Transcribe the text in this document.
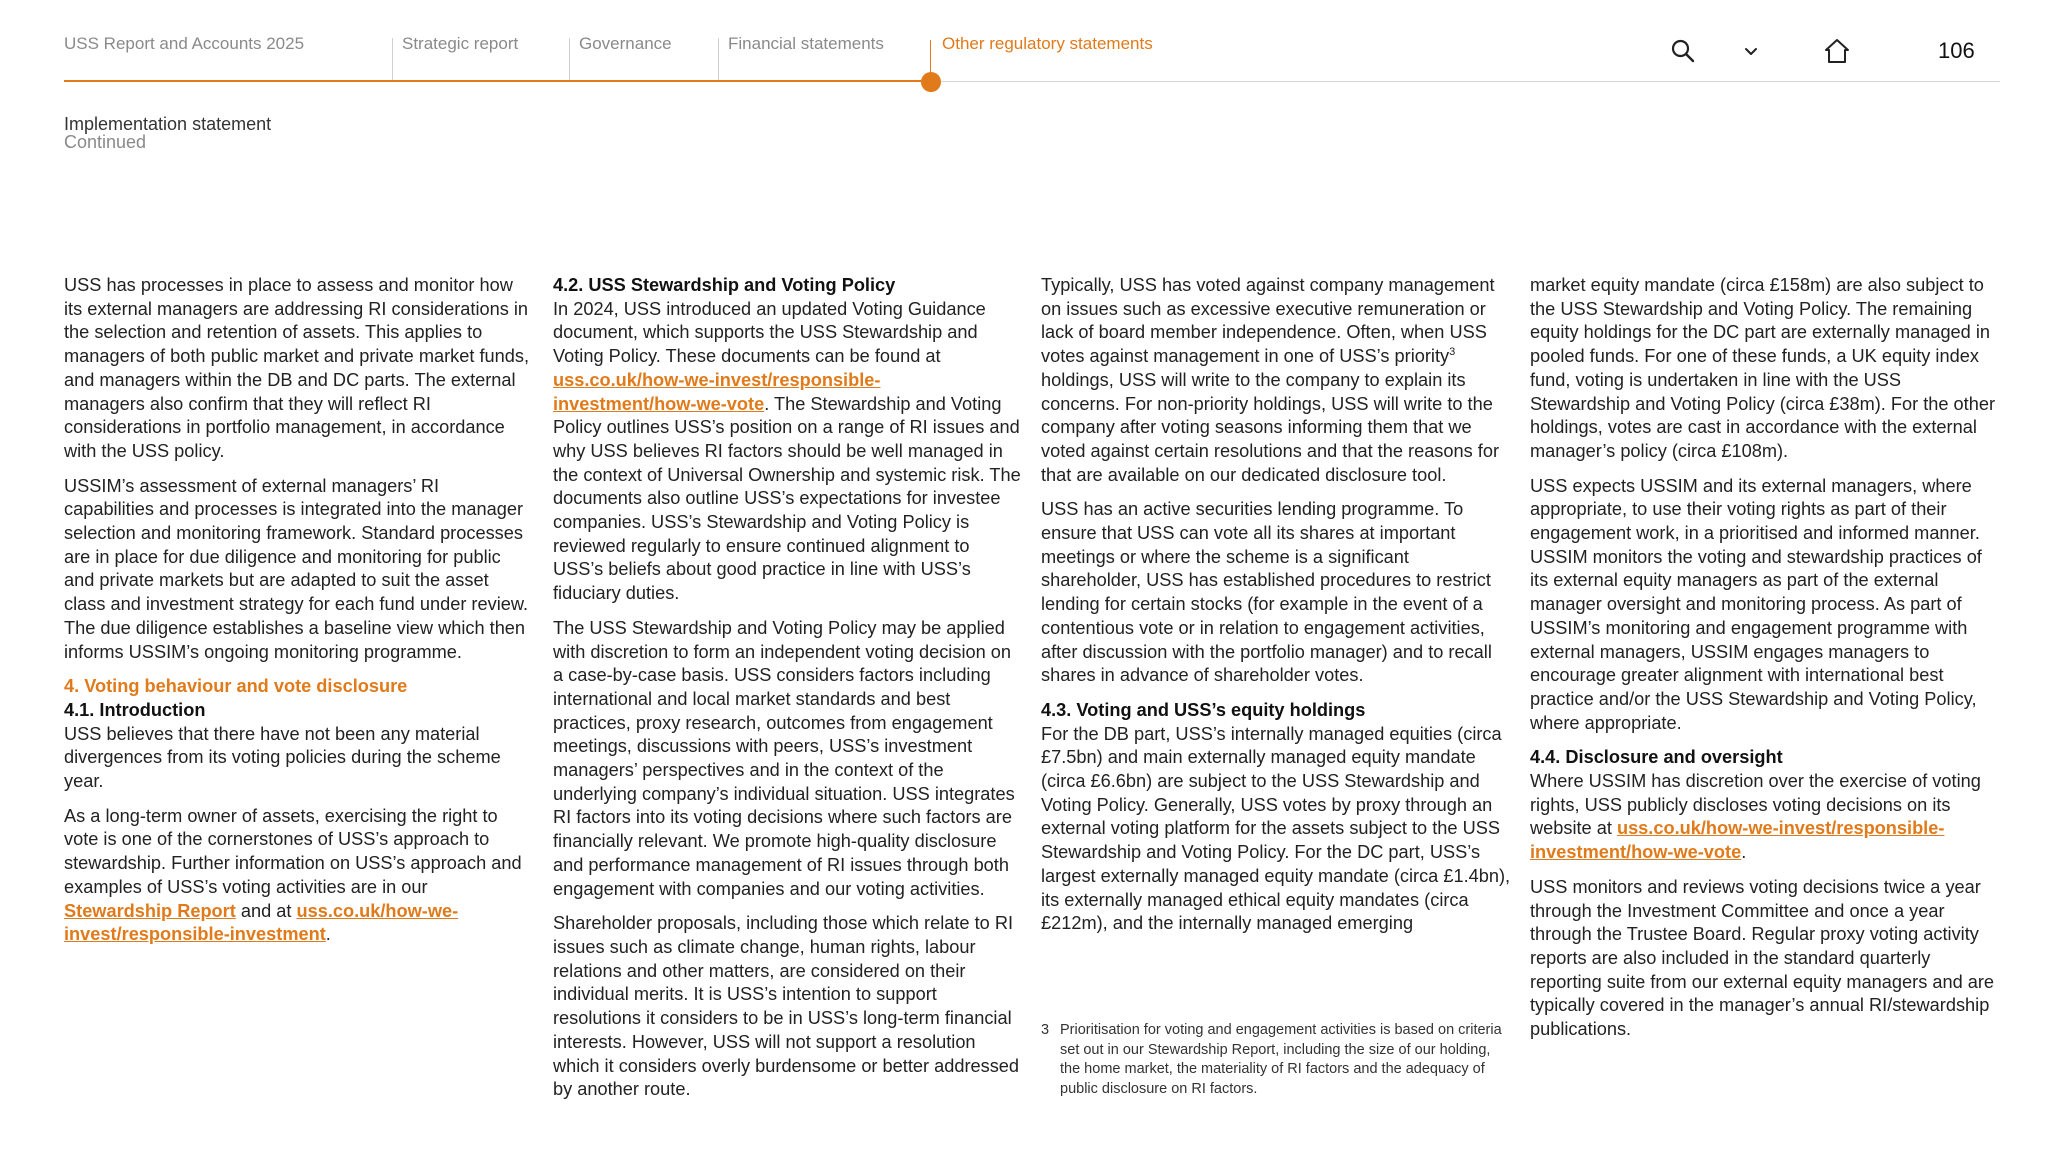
USS Report and Accounts 2025	Strategic report	Governance	Financial statements	Other regulatory statements	106
Implementation statement
Continued

USS has processes in place to assess and monitor how its external managers are addressing RI considerations in the selection and retention of assets. This applies to managers of both public market and private market funds, and managers within the DB and DC parts. The external managers also confirm that they will reflect RI considerations in portfolio management, in accordance with the USS policy.

USSIM’s assessment of external managers’ RI capabilities and processes is integrated into the manager selection and monitoring framework. Standard processes are in place for due diligence and monitoring for public and private markets but are adapted to suit the asset class and investment strategy for each fund under review. The due diligence establishes a baseline view which then informs USSIM’s ongoing monitoring programme.

4. Voting behaviour and vote disclosure
4.1. Introduction

USS believes that there have not been any material divergences from its voting policies during the scheme year.

As a long-term owner of assets, exercising the right to vote is one of the cornerstones of USS’s approach to stewardship. Further information on USS’s approach and examples of USS’s voting activities are in our Stewardship Report and at uss.co.uk/how-we-invest/responsible-investment.

4.2. USS Stewardship and Voting Policy

In 2024, USS introduced an updated Voting Guidance document, which supports the USS Stewardship and Voting Policy. These documents can be found at uss.co.uk/how-we-invest/responsible-investment/how-we-vote. The Stewardship and Voting Policy outlines USS’s position on a range of RI issues and why USS believes RI factors should be well managed in the context of Universal Ownership and systemic risk. The documents also outline USS’s expectations for investee companies. USS’s Stewardship and Voting Policy is reviewed regularly to ensure continued alignment to USS’s beliefs about good practice in line with USS’s fiduciary duties.

The USS Stewardship and Voting Policy may be applied with discretion to form an independent voting decision on a case-by-case basis. USS considers factors including international and local market standards and best practices, proxy research, outcomes from engagement meetings, discussions with peers, USS’s investment managers’ perspectives and in the context of the underlying company’s individual situation. USS integrates RI factors into its voting decisions where such factors are financially relevant. We promote high-quality disclosure and performance management of RI issues through both engagement with companies and our voting activities.

Shareholder proposals, including those which relate to RI issues such as climate change, human rights, labour relations and other matters, are considered on their individual merits. It is USS’s intention to support resolutions it considers to be in USS’s long-term financial interests. However, USS will not support a resolution which it considers overly burdensome or better addressed by another route.

Typically, USS has voted against company management on issues such as excessive executive remuneration or lack of board member independence. Often, when USS votes against management in one of USS’s priority$^3$ holdings, USS will write to the company to explain its concerns. For non-priority holdings, USS will write to the company after voting seasons informing them that we voted against certain resolutions and that the reasons for that are available on our dedicated disclosure tool.

USS has an active securities lending programme. To ensure that USS can vote all its shares at important meetings or where the scheme is a significant shareholder, USS has established procedures to restrict lending for certain stocks (for example in the event of a contentious vote or in relation to engagement activities, after discussion with the portfolio manager) and to recall shares in advance of shareholder votes.

4.3. Voting and USS’s equity holdings

For the DB part, USS’s internally managed equities (circa £7.5bn) and main externally managed equity mandate (circa £6.6bn) are subject to the USS Stewardship and Voting Policy. Generally, USS votes by proxy through an external voting platform for the assets subject to the USS Stewardship and Voting Policy. For the DC part, USS’s largest externally managed equity mandate (circa £1.4bn), its externally managed ethical equity mandates (circa £212m), and the internally managed emerging

3 Prioritisation for voting and engagement activities is based on criteria set out in our Stewardship Report, including the size of our holding, the home market, the materiality of RI factors and the adequacy of public disclosure on RI factors.

market equity mandate (circa £158m) are also subject to the USS Stewardship and Voting Policy. The remaining equity holdings for the DC part are externally managed in pooled funds. For one of these funds, a UK equity index fund, voting is undertaken in line with the USS Stewardship and Voting Policy (circa £38m). For the other holdings, votes are cast in accordance with the external manager’s policy (circa £108m).

USS expects USSIM and its external managers, where appropriate, to use their voting rights as part of their engagement work, in a prioritised and informed manner. USSIM monitors the voting and stewardship practices of its external equity managers as part of the external manager oversight and monitoring process. As part of USSIM’s monitoring and engagement programme with external managers, USSIM engages managers to encourage greater alignment with international best practice and/or the USS Stewardship and Voting Policy, where appropriate.

4.4. Disclosure and oversight

Where USSIM has discretion over the exercise of voting rights, USS publicly discloses voting decisions on its website at uss.co.uk/how-we-invest/responsible-investment/how-we-vote.

USS monitors and reviews voting decisions twice a year through the Investment Committee and once a year through the Trustee Board. Regular proxy voting activity reports are also included in the standard quarterly reporting suite from our external equity managers and are typically covered in the manager’s annual RI/stewardship publications.
